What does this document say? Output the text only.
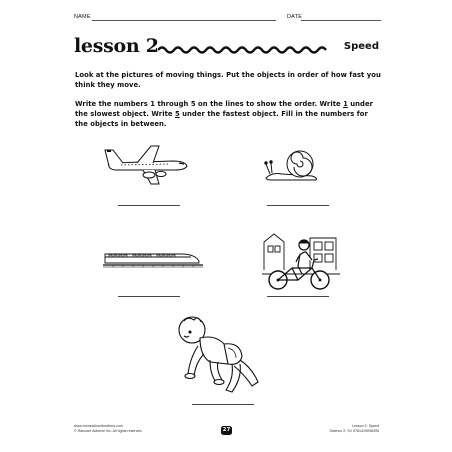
NAME	DATE
lesson 2	Speed
Look at the pictures of moving things. Put the objects in order of how fast you think they move.
Write the numbers 1 through 5 on the lines to show the order. Write 1 under the slowest object. Write 5 under the fastest object. Fill in the numbers for the objects in between.
www.homeschoolbrothers.com
© Harcourt Achieve Inc. All rights reserved.	27
Lesson 2: Speed
Science 2, SV 9781419098495
